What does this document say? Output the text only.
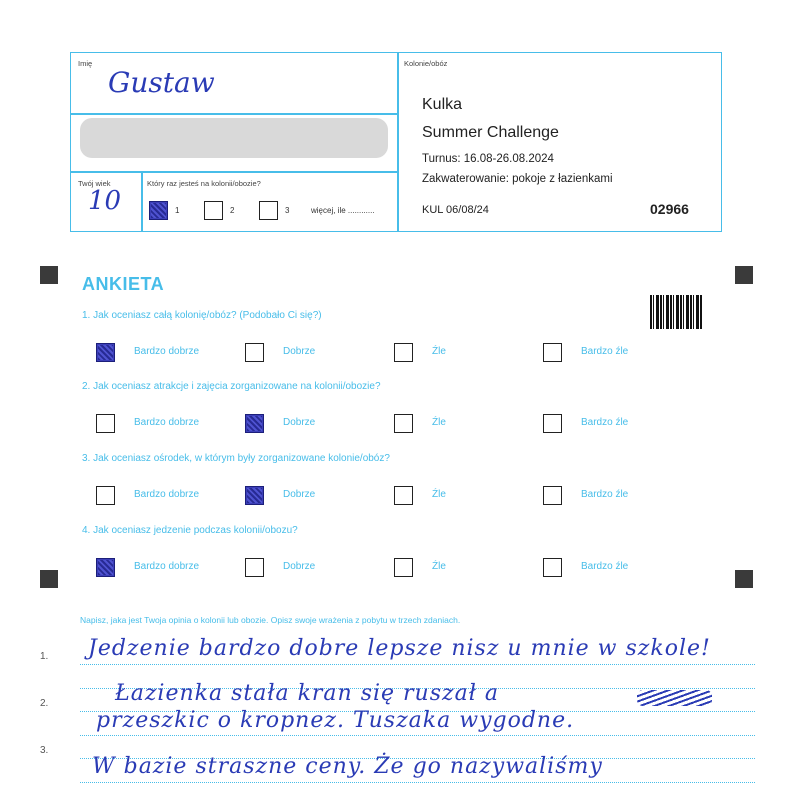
Imię
Gustaw
Twój wiek
10
Który raz jesteś na kolonii/obozie?
1	2	3	więcej, ile ............
Kolonie/obóz
Kulka
Summer Challenge
Turnus: 16.08-26.08.2024
Zakwaterowanie: pokoje z łazienkami
KUL 06/08/24	02966
ANKIETA
1. Jak oceniasz całą kolonię/obóz? (Podobało Ci się?)
2. Jak oceniasz atrakcje i zajęcia zorganizowane na kolonii/obozie?
3. Jak oceniasz ośrodek, w którym były zorganizowane kolonie/obóz?
4. Jak oceniasz jedzenie podczas kolonii/obozu?
Bardzo dobrze	Dobrze	Źle	Bardzo źle
Bardzo dobrze	Dobrze	Źle	Bardzo źle
Bardzo dobrze	Dobrze	Źle	Bardzo źle
Bardzo dobrze	Dobrze	Źle	Bardzo źle
Napisz, jaka jest Twoja opinia o kolonii lub obozie. Opisz swoje wrażenia z pobytu w trzech zdaniach.
1.
2.
3.
Jedzenie bardzo dobre lepsze nisz u mnie w szkole!
Łazienka stała kran się ruszał a
przeszkic o kropnez. Tuszaka wygodne.
W bazie straszne ceny. Że go nazywaliśmy
